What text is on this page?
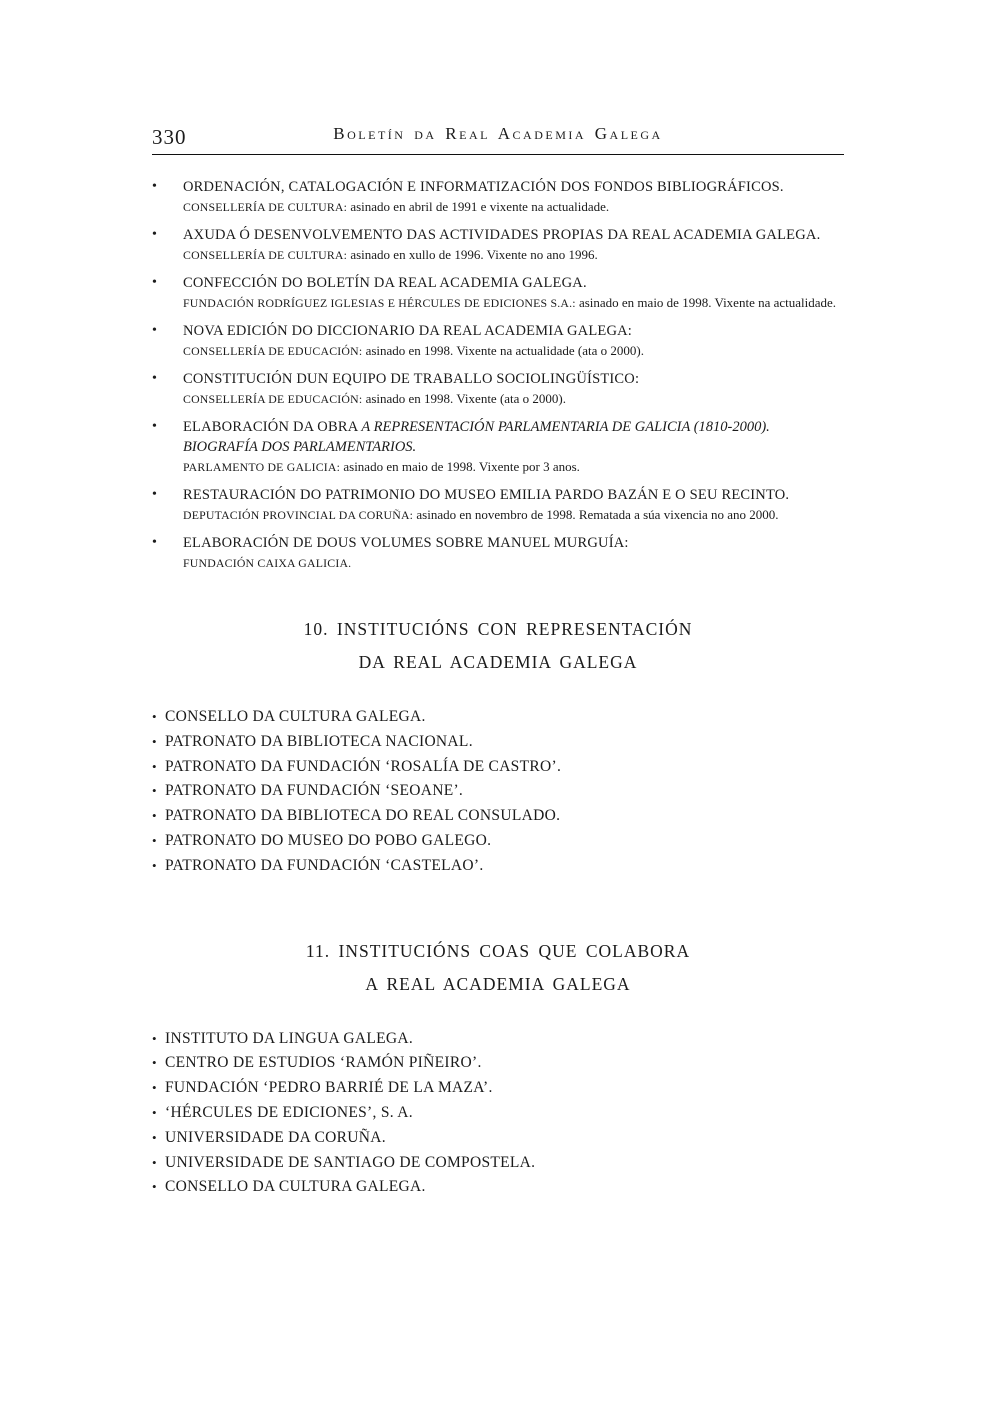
330	Boletín da Real Academia Galega
•	ORDENACIÓN, CATALOGACIÓN E INFORMATIZACIÓN DOS FONDOS BIBLIOGRÁFICOS.
CONSELLERÍA DE CULTURA: asinado en abril de 1991 e vixente na actualidade.
•	AXUDA Ó DESENVOLVEMENTO DAS ACTIVIDADES PROPIAS DA REAL ACADEMIA GALEGA.
CONSELLERÍA DE CULTURA: asinado en xullo de 1996. Vixente no ano 1996.
•	CONFECCIÓN DO BOLETÍN DA REAL ACADEMIA GALEGA.
FUNDACIÓN RODRÍGUEZ IGLESIAS E HÉRCULES DE EDICIONES S.A.: asinado en maio de 1998. Vixente na actualidade.
•	NOVA EDICIÓN DO DICCIONARIO DA REAL ACADEMIA GALEGA:
CONSELLERÍA DE EDUCACIÓN: asinado en 1998. Vixente na actualidade (ata o 2000).
•	CONSTITUCIÓN DUN EQUIPO DE TRABALLO SOCIOLINGÜÍSTICO:
CONSELLERÍA DE EDUCACIÓN: asinado en 1998. Vixente (ata o 2000).
•	ELABORACIÓN DA OBRA A REPRESENTACIÓN PARLAMENTARIA DE GALICIA (1810-2000). BIOGRAFÍA DOS PARLAMENTARIOS.
PARLAMENTO DE GALICIA: asinado en maio de 1998. Vixente por 3 anos.
•	RESTAURACIÓN DO PATRIMONIO DO MUSEO EMILIA PARDO BAZÁN E O SEU RECINTO.
DEPUTACIÓN PROVINCIAL DA CORUÑA: asinado en novembro de 1998. Rematada a súa vixencia no ano 2000.
•	ELABORACIÓN DE DOUS VOLUMES SOBRE MANUEL MURGUÍA:
FUNDACIÓN CAIXA GALICIA.
10. INSTITUCIÓNS CON REPRESENTACIÓN
DA REAL ACADEMIA GALEGA
• CONSELLO DA CULTURA GALEGA.
• PATRONATO DA BIBLIOTECA NACIONAL.
• PATRONATO DA FUNDACIÓN ‘ROSALÍA DE CASTRO’.
• PATRONATO DA FUNDACIÓN ‘SEOANE’.
• PATRONATO DA BIBLIOTECA DO REAL CONSULADO.
• PATRONATO DO MUSEO DO POBO GALEGO.
• PATRONATO DA FUNDACIÓN ‘CASTELAO’.
11. INSTITUCIÓNS COAS QUE COLABORA
A REAL ACADEMIA GALEGA
• INSTITUTO DA LINGUA GALEGA.
• CENTRO DE ESTUDIOS ‘RAMÓN PIÑEIRO’.
• FUNDACIÓN ‘PEDRO BARRIÉ DE LA MAZA’.
• ‘HÉRCULES DE EDICIONES’, S. A.
• UNIVERSIDADE DA CORUÑA.
• UNIVERSIDADE DE SANTIAGO DE COMPOSTELA.
• CONSELLO DA CULTURA GALEGA.
